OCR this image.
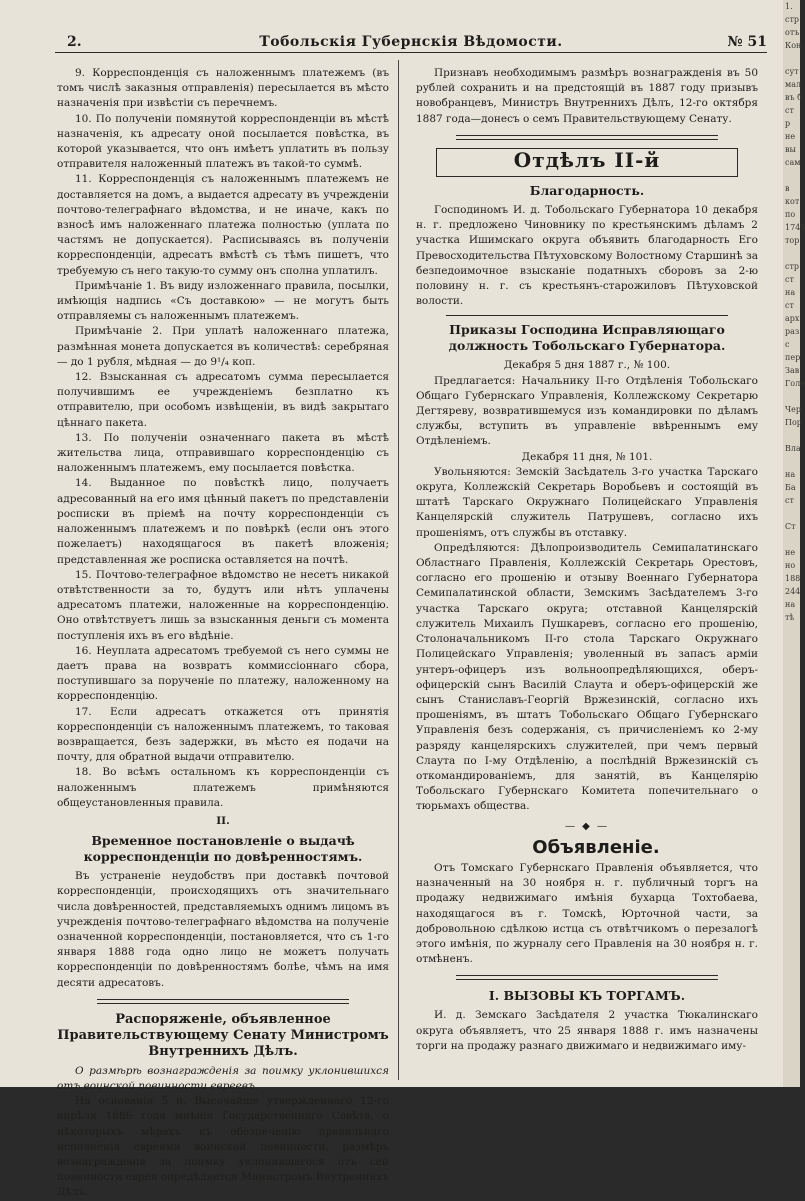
2.	Тобольскія Губернскія Вѣдомости.	№ 51

9. Корреспонденція съ наложеннымъ платежемъ (въ томъ числѣ заказныя отправленія) пересылается въ мѣсто назначенія при извѣстіи съ перечнемъ.

10. По полученіи помянутой корреспонденціи въ мѣстѣ назначенія, къ адресату оной посылается повѣстка, въ которой указывается, что онъ имѣетъ уплатить въ пользу отправителя наложенный платежъ въ такой-то суммѣ.

11. Корреспонденція съ наложеннымъ платежемъ не доставляется на домъ, а выдается адресату въ учрежденіи почтово-телеграфнаго вѣдомства, и не иначе, какъ по взносѣ имъ наложеннаго платежа полностью (уплата по частямъ не допускается). Расписываясь въ полученіи корреспонденціи, адресатъ вмѣстѣ съ тѣмъ пишетъ, что требуемую съ него такую-то сумму онъ сполна уплатилъ.

Примѣчаніе 1. Въ виду изложеннаго правила, посылки, имѣющія надпись «Съ доставкою» — не могутъ быть отправляемы съ наложеннымъ платежемъ.

Примѣчаніе 2. При уплатѣ наложеннаго платежа, размѣнная монета допускается въ количествѣ: серебряная — до 1 рубля, мѣдная — до 9¹/₄ коп.

12. Взысканная съ адресатомъ сумма пересылается получившимъ ее учрежденіемъ безплатно къ отправителю, при особомъ извѣщеніи, въ видѣ закрытаго цѣннаго пакета.

13. По полученіи означеннаго пакета въ мѣстѣ жительства лица, отправившаго корреспонденцію съ наложеннымъ платежемъ, ему посылается повѣстка.

14. Выданное по повѣсткѣ лицо, получаетъ адресованный на его имя цѣнный пакетъ по представленіи росписки въ пріемѣ на почту корреспонденціи съ наложеннымъ платежемъ и по повѣркѣ (если онъ этого пожелаетъ) находящагося въ пакетѣ вложенія; представленная же росписка оставляется на почтѣ.

15. Почтово-телеграфное вѣдомство не несетъ никакой отвѣтственности за то, будутъ или нѣтъ уплачены адресатомъ платежи, наложенные на корреспонденцію. Оно отвѣтствуетъ лишь за взысканныя деньги съ момента поступленія ихъ въ его вѣдѣніе.

16. Неуплата адресатомъ требуемой съ него суммы не даетъ права на возвратъ коммиссіоннаго сбора, поступившаго за порученіе по платежу, наложенному на корреспонденцію.

17. Если адресатъ откажется отъ принятія корреспонденціи съ наложеннымъ платежемъ, то таковая возвращается, безъ задержки, въ мѣсто ея подачи на почту, для обратной выдачи отправителю.

18. Во всѣмъ остальномъ къ корреспонденціи съ наложеннымъ платежемъ примѣняются общеустановленныя правила.

II.

Временное постановленіе о выдачѣ корреспонденціи по довѣренностямъ.

Въ устраненіе неудобствъ при доставкѣ почтовой корреспонденціи, происходящихъ отъ значительнаго числа довѣренностей, представляемыхъ однимъ лицомъ въ учрежденія почтово-телеграфнаго вѣдомства на полученіе означенной корреспонденціи, постановляется, что съ 1-го января 1888 года одно лицо не можетъ получать корреспонденціи по довѣренностямъ болѣе, чѣмъ на имя десяти адресатовъ.

Распоряженіе, объявленное Правительствующему Сенату Министромъ Внутреннихъ Дѣлъ.

О размѣрѣ вознагражденія за поимку уклонившихся отъ воинской повинности евреевъ.

На основаніи 5 п. Высочайше утвержденнаго 12-го апрѣля 1886 года мнѣнія Государственнаго Совѣта, о нѣкоторыхъ мѣрахъ къ обезпеченію правильнаго исполненія евреями воинской повинности, размѣръ вознагражденія за поимку уклонившагося отъ сей повинности еврея опредѣляется Министромъ Внутреннихъ Дѣлъ.

Признавъ необходимымъ размѣръ вознагражденія въ 50 рублей сохранить и на предстоящій въ 1887 году призывъ новобранцевъ, Министръ Внутреннихъ Дѣлъ, 12-го октября 1887 года—донесъ о семъ Правительствующему Сенату.

Отдѣлъ II-й

Благодарность.

Господиномъ И. д. Тобольскаго Губернатора 10 декабря н. г. предложено Чиновнику по крестьянскимъ дѣламъ 2 участка Ишимскаго округа объявить благодарность Его Превосходительства Пѣтуховскому Волостному Старшинѣ за безпедоимочное взысканіе податныхъ сборовъ за 2-ю половину н. г. съ крестьянъ-старожиловъ Пѣтуховской волости.

Приказы Господина Исправляющаго должность Тобольскаго Губернатора.

Декабря 5 дня 1887 г., № 100.

Предлагается: Начальнику II-го Отдѣленія Тобольскаго Общаго Губернскаго Управленія, Коллежскому Секретарю Дегтяреву, возвратившемуся изъ командировки по дѣламъ службы, вступить въ управленіе ввѣреннымъ ему Отдѣленіемъ.

Декабря 11 дня, № 101.

Увольняются: Земскій Засѣдатель 3-го участка Тарскаго округа, Коллежскій Секретарь Воробьевъ и состоящій въ штатѣ Тарскаго Окружнаго Полицейскаго Управленія Канцелярскій служитель Патрушевъ, согласно ихъ прошеніямъ, отъ службы въ отставку.

Опредѣляются: Дѣлопроизводитель Семипалатинскаго Областнаго Правленія, Коллежскій Секретарь Орестовъ, согласно его прошенію и отзыву Военнаго Губернатора Семипалатинской области, Земскимъ Засѣдателемъ 3-го участка Тарскаго округа; отставной Канцелярскій служитель Михаилъ Пушкаревъ, согласно его прошенію, Столоначальникомъ II-го стола Тарскаго Окружнаго Полицейскаго Управленія; уволенный въ запасъ арміи унтеръ-офицеръ изъ вольноопредѣляющихся, оберъ-офицерскій сынъ Василій Слаута и оберъ-офицерскій же сынъ Станиславъ-Георгій Вржезинскій, согласно ихъ прошеніямъ, въ штатъ Тобольскаго Общаго Губернскаго Управленія безъ содержанія, съ причисленіемъ ко 2-му разряду канцелярскихъ служителей, при чемъ первый Слаута по I-му Отдѣленію, а послѣдній Вржезинскій съ откомандированіемъ, для занятій, въ Канцелярію Тобольскаго Губернскаго Комитета попечительнаго о тюрьмахъ общества.

— ◆ —

Объявленіе.

Отъ Томскаго Губернскаго Правленія объявляется, что назначенный на 30 ноября н. г. публичный торгъ на продажу недвижимаго имѣнія бухарца Тохтобаева, находящагося въ г. Томскѣ, Юрточной части, за добровольною сдѣлкою истца съ отвѣтчикомъ о перезалогѣ этого имѣнія, по журналу сего Правленія на 30 ноября н. г. отмѣненъ.

I. ВЫЗОВЫ КЪ ТОРГАМЪ.

И. д. Земскаго Засѣдателя 2 участка Тюкалинскаго округа объявляетъ, что 25 января 1888 г. имъ назначены торги на продажу разнаго движимаго и недвижимаго иму-

1.
стр
отъ
Кон

сут
мал
въ б
ст
р
не
вы
сам

в
кот
по
1745
тор

стр
ст
на
ст
арх
раз
с
пер
Зав
Голе

Чер
Пор

Вла

на
Ба
ст

Ст

не
но
188
244
на
тѣ
